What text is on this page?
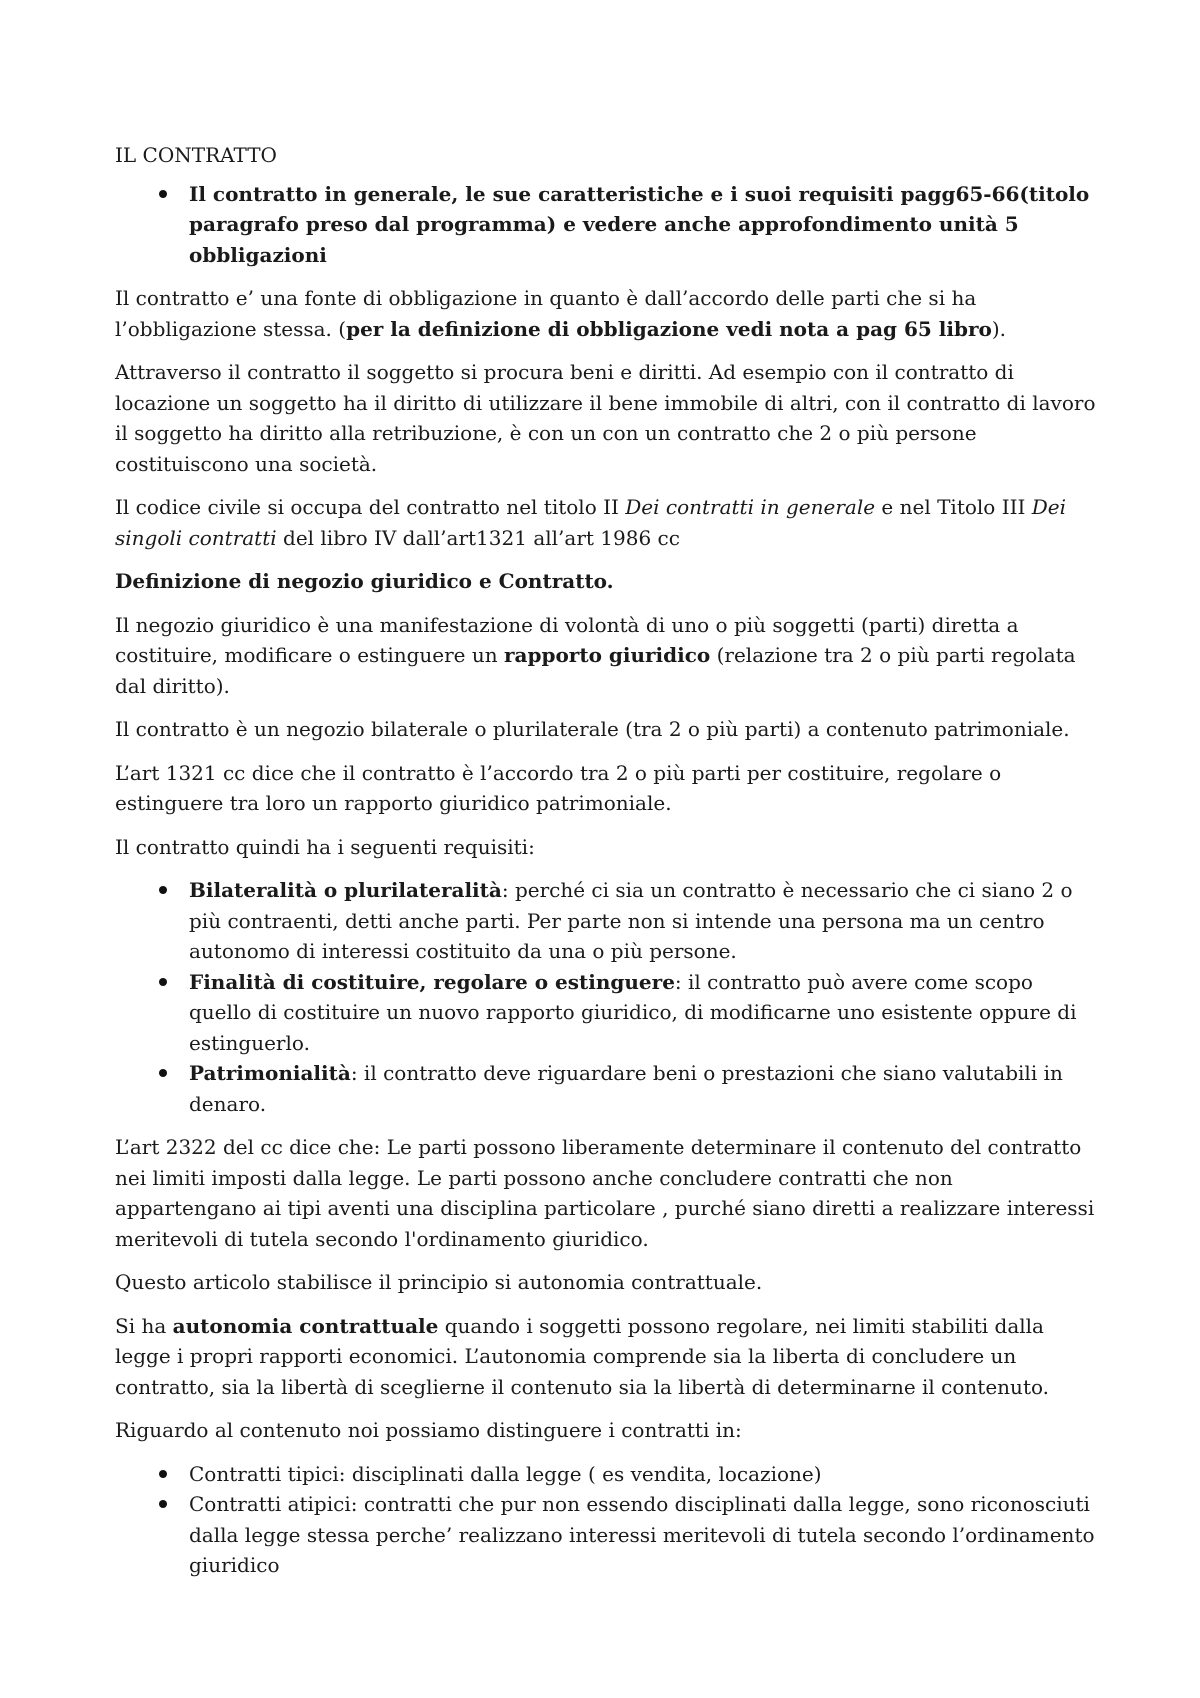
IL CONTRATTO

Il contratto in generale, le sue caratteristiche e i suoi requisiti pagg65-66(titolo paragrafo preso dal programma) e vedere anche approfondimento unità 5 obbligazioni

Il contratto e’ una fonte di obbligazione in quanto è dall’accordo delle parti che si ha l’obbligazione stessa. (per la definizione di obbligazione vedi nota a pag 65 libro).

Attraverso il contratto il soggetto si procura beni e diritti. Ad esempio con il contratto di locazione un soggetto ha il diritto di utilizzare il bene immobile di altri, con il contratto di lavoro il soggetto ha diritto alla retribuzione, è con un con un contratto che 2 o più persone costituiscono una società.

Il codice civile si occupa del contratto nel titolo II Dei contratti in generale e nel Titolo III Dei singoli contratti del libro IV dall’art1321 all’art 1986 cc

Definizione di negozio giuridico e Contratto.

Il negozio giuridico è una manifestazione di volontà di uno o più soggetti (parti) diretta a costituire, modificare o estinguere un rapporto giuridico (relazione tra 2 o più parti regolata dal diritto).

Il contratto è un negozio bilaterale o plurilaterale (tra 2 o più parti) a contenuto patrimoniale.

L’art 1321 cc dice che il contratto è l’accordo tra 2 o più parti per costituire, regolare o estinguere tra loro un rapporto giuridico patrimoniale.

Il contratto quindi ha i seguenti requisiti:

Bilateralità o plurilateralità: perché ci sia un contratto è necessario che ci siano 2 o più contraenti, detti anche parti. Per parte non si intende una persona ma un centro autonomo di interessi costituito da una o più persone.
Finalità di costituire, regolare o estinguere: il contratto può avere come scopo quello di costituire un nuovo rapporto giuridico, di modificarne uno esistente oppure di estinguerlo.
Patrimonialità: il contratto deve riguardare beni o prestazioni che siano valutabili in denaro.

L’art 2322 del cc dice che: Le parti possono liberamente determinare il contenuto del contratto nei limiti imposti dalla legge. Le parti possono anche concludere contratti che non appartengano ai tipi aventi una disciplina particolare , purché siano diretti a realizzare interessi meritevoli di tutela secondo l'ordinamento giuridico.

Questo articolo stabilisce il principio si autonomia contrattuale.

Si ha autonomia contrattuale quando i soggetti possono regolare, nei limiti stabiliti dalla legge i propri rapporti economici. L’autonomia comprende sia la liberta di concludere un contratto, sia la libertà di sceglierne il contenuto sia la libertà di determinarne il contenuto.

Riguardo al contenuto noi possiamo distinguere i contratti in:

Contratti tipici: disciplinati dalla legge ( es vendita, locazione)
Contratti atipici: contratti che pur non essendo disciplinati dalla legge, sono riconosciuti dalla legge stessa perche’ realizzano interessi meritevoli di tutela secondo l’ordinamento giuridico
